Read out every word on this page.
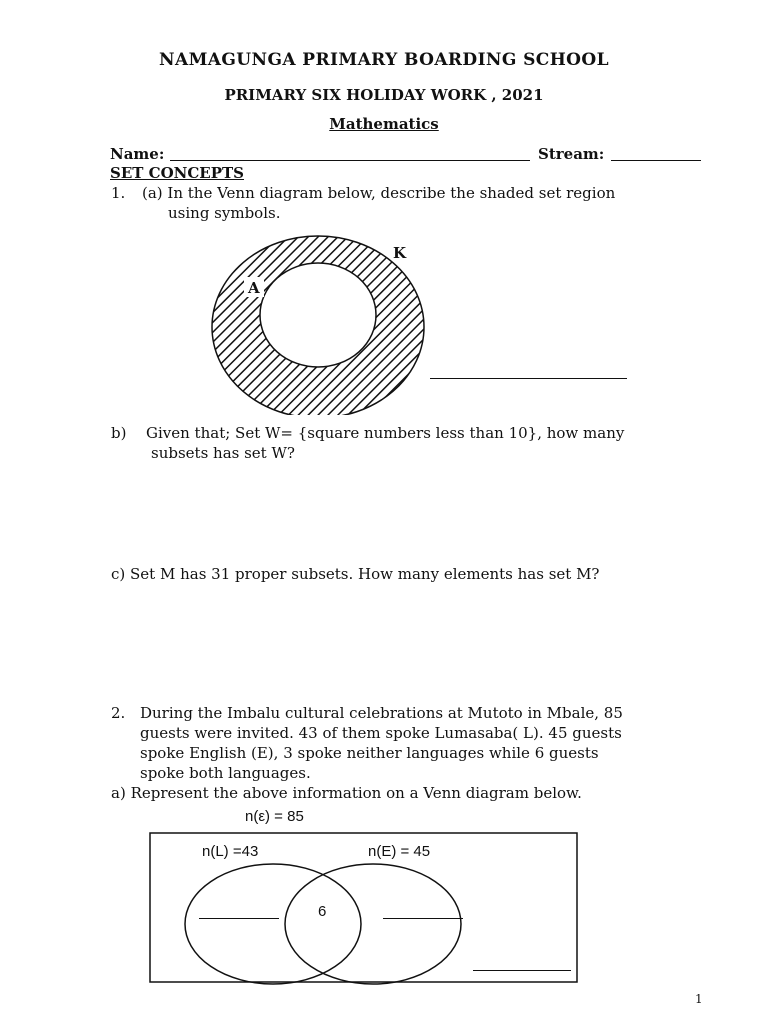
NAMAGUNGA PRIMARY BOARDING SCHOOL
PRIMARY SIX HOLIDAY WORK , 2021
Mathematics
Name:	Stream:
SET CONCEPTS
1. (a) In the Venn diagram below, describe the shaded set region
using symbols.
K
A
b) Given that; Set W= {square numbers less than 10}, how many
subsets has set W?
c) Set M has 31 proper subsets. How many elements has set M?
2. During the Imbalu cultural celebrations at Mutoto in Mbale, 85
guests were invited. 43 of them spoke Lumasaba( L). 45 guests
spoke English (E), 3 spoke neither languages while 6 guests
spoke both languages.
a) Represent the above information on a Venn diagram below.
n(ε) = 85
n(L) =43	n(E) = 45
6
1
